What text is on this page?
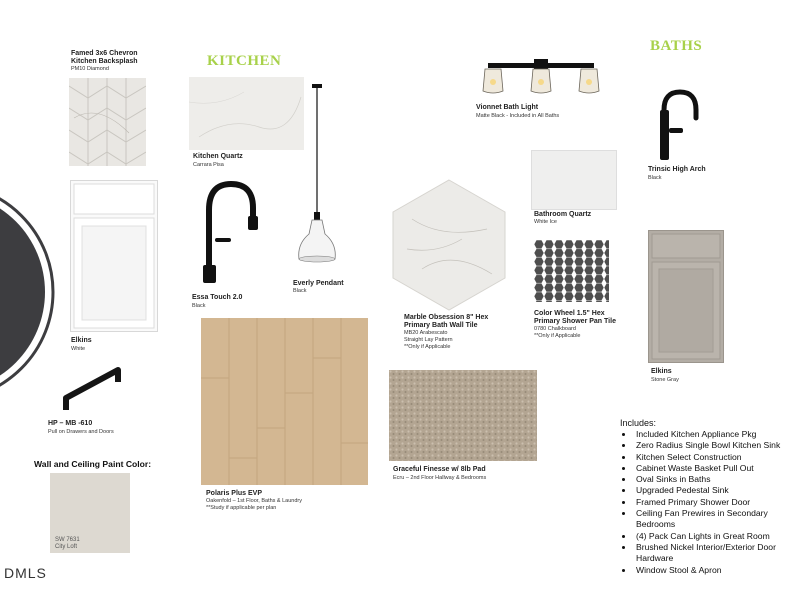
KITCHEN
BATHS
Famed 3x6 Chevron Kitchen Backsplash
PM10 Diamond
Kitchen Quartz
Carrara Pisa
Everly Pendant
Black
Vionnet Bath Light
Matte Black - Included in All Baths
Trinsic High Arch
Black
Elkins
White
Essa Touch 2.0
Black
Marble Obsession 8" Hex Primary Bath Wall Tile
MB20 Arabescato
Straight Lay Pattern
**Only if Applicable
Bathroom Quartz
White Ice
Color Wheel 1.5" Hex Primary Shower Pan Tile
0780 Chalkboard
**Only if Applicable
Elkins
Stone Gray
HP – MB -610
Pull on Drawers and Doors
Polaris Plus EVP
Oakenfold – 1st Floor, Baths & Laundry
**Study if applicable per plan
Graceful Finesse w/ 8lb Pad
Ecru – 2nd Floor Hallway & Bedrooms
Wall and Ceiling Paint Color:
SW 7631
City Loft
Includes:
• Included Kitchen Appliance Pkg
• Zero Radius Single Bowl Kitchen Sink
• Kitchen Select Construction
• Cabinet Waste Basket Pull Out
• Oval Sinks in Baths
• Upgraded Pedestal Sink
• Framed Primary Shower Door
• Ceiling Fan Prewires in Secondary Bedrooms
• (4) Pack Can Lights in Great Room
• Brushed Nickel Interior/Exterior Door Hardware
• Window Stool & Apron
DMLS
